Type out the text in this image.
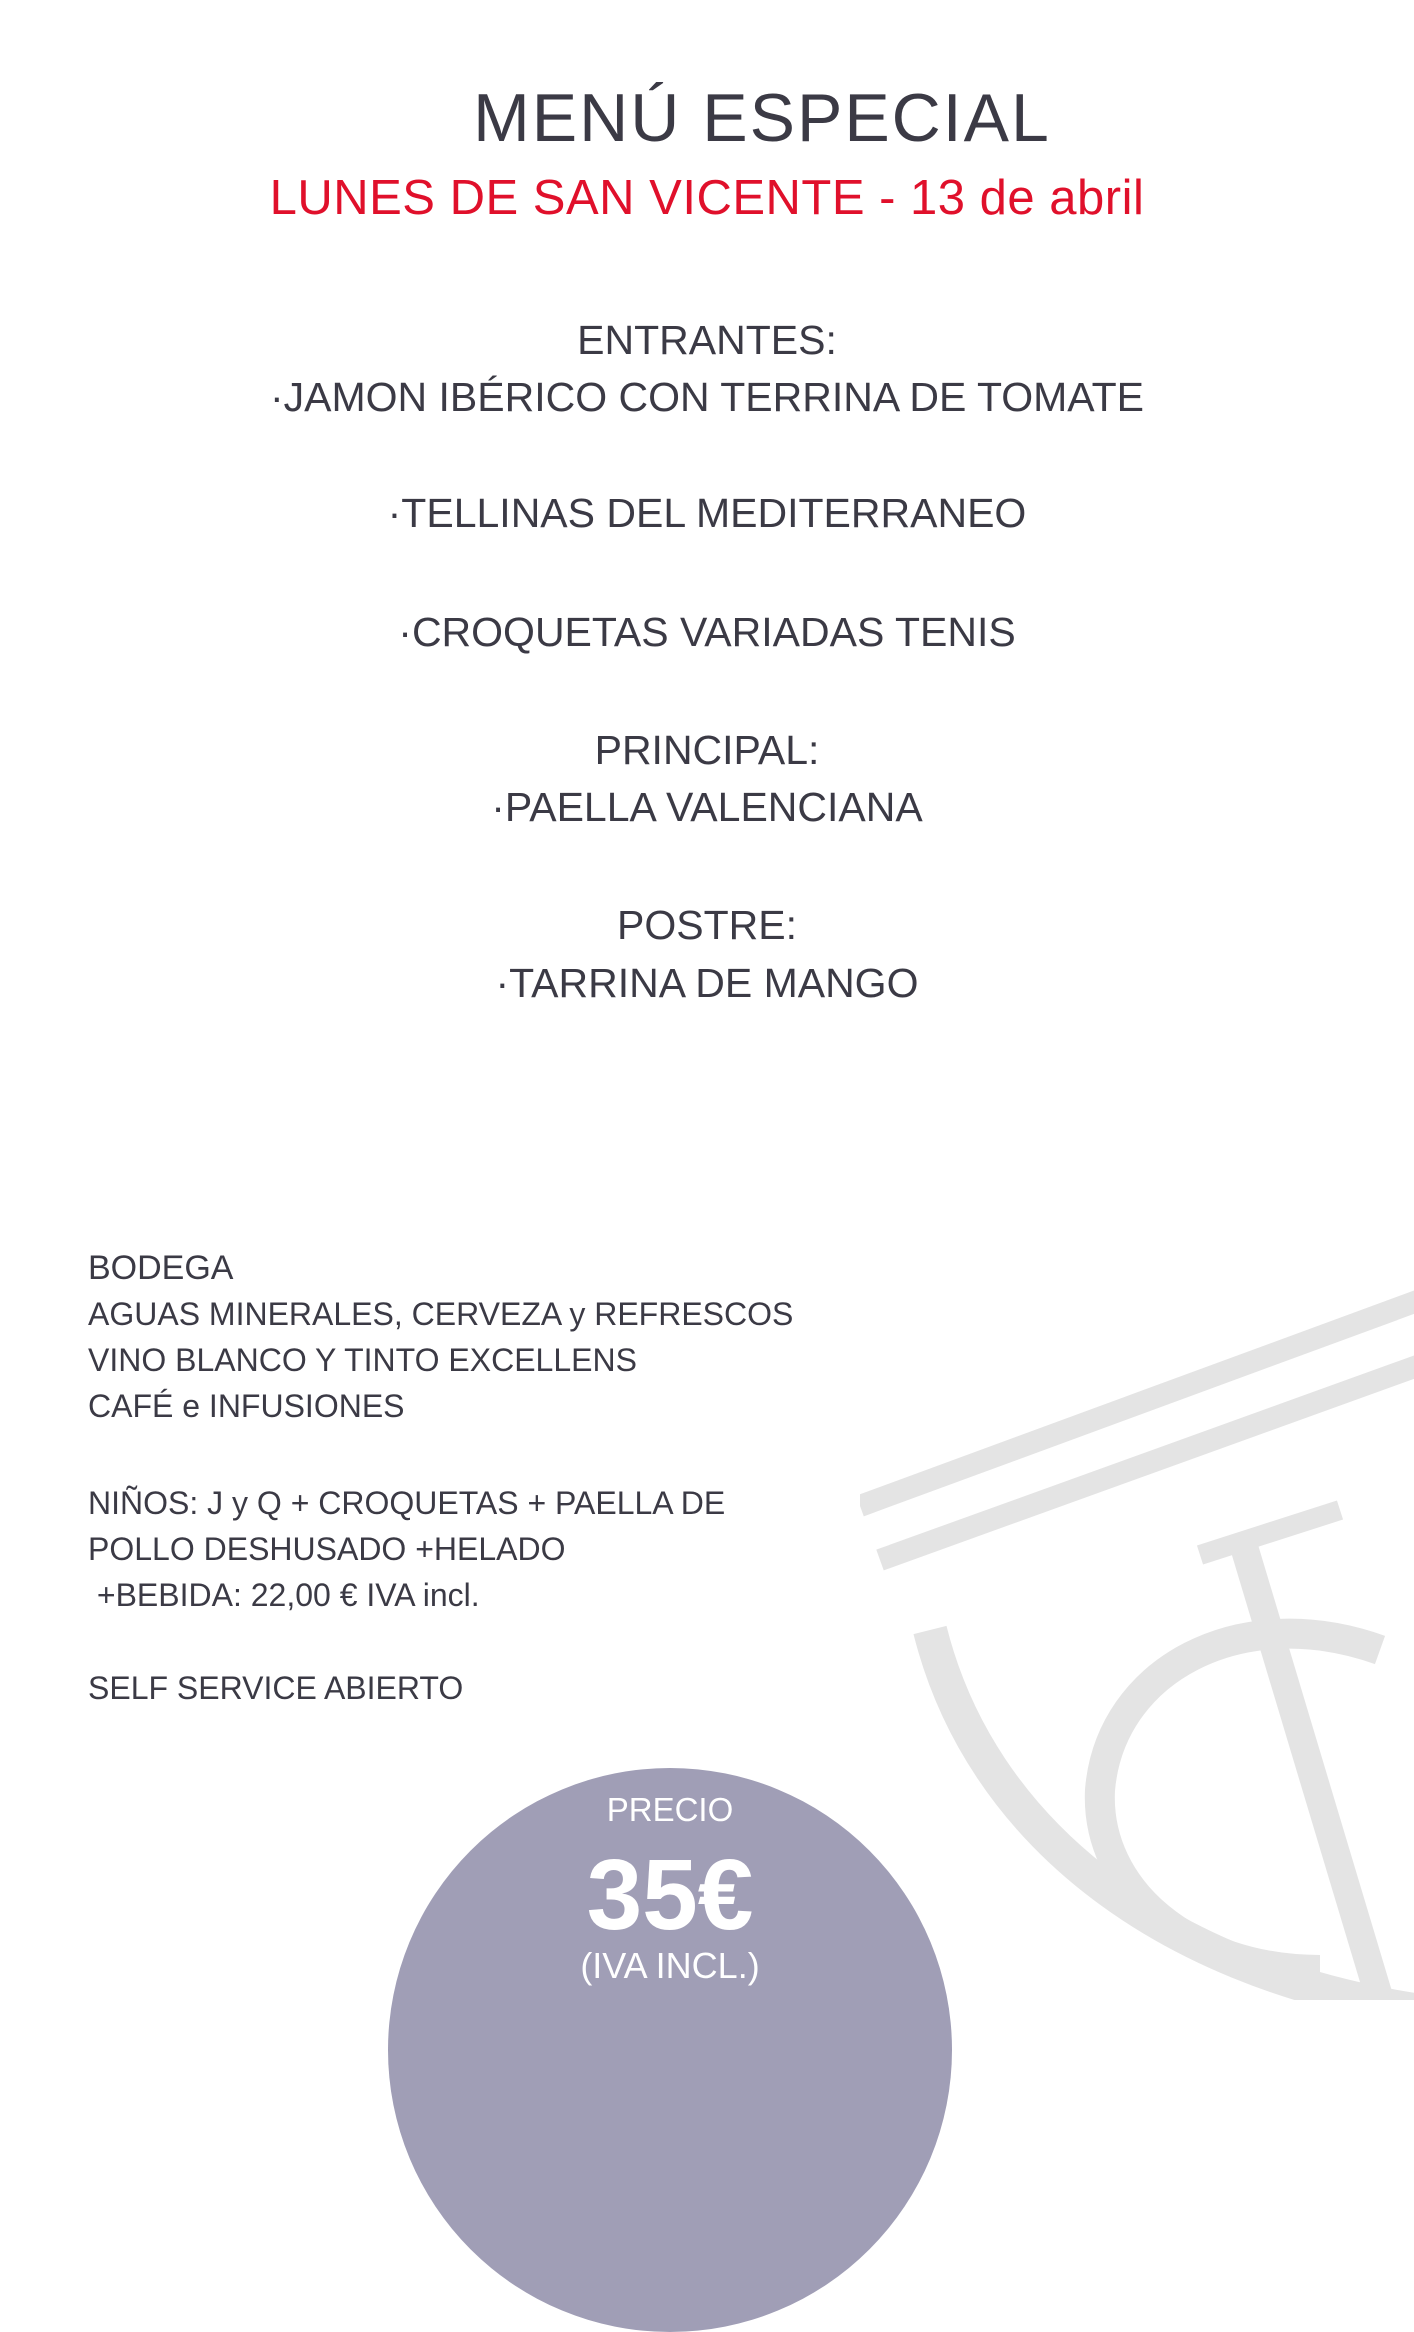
MENÚ ESPECIAL
LUNES DE SAN VICENTE - 13 de abril
ENTRANTES:
·JAMON IBÉRICO CON TERRINA DE TOMATE
·TELLINAS DEL MEDITERRANEO
·CROQUETAS VARIADAS TENIS
PRINCIPAL:
·PAELLA VALENCIANA
POSTRE:
·TARRINA DE MANGO
BODEGA
AGUAS MINERALES, CERVEZA y REFRESCOS
VINO BLANCO Y TINTO EXCELLENS
CAFÉ e INFUSIONES
NIÑOS: J y Q + CROQUETAS + PAELLA DE
POLLO DESHUSADO +HELADO
+BEBIDA: 22,00 € IVA incl.
SELF SERVICE ABIERTO
PRECIO
35€
(IVA INCL.)
